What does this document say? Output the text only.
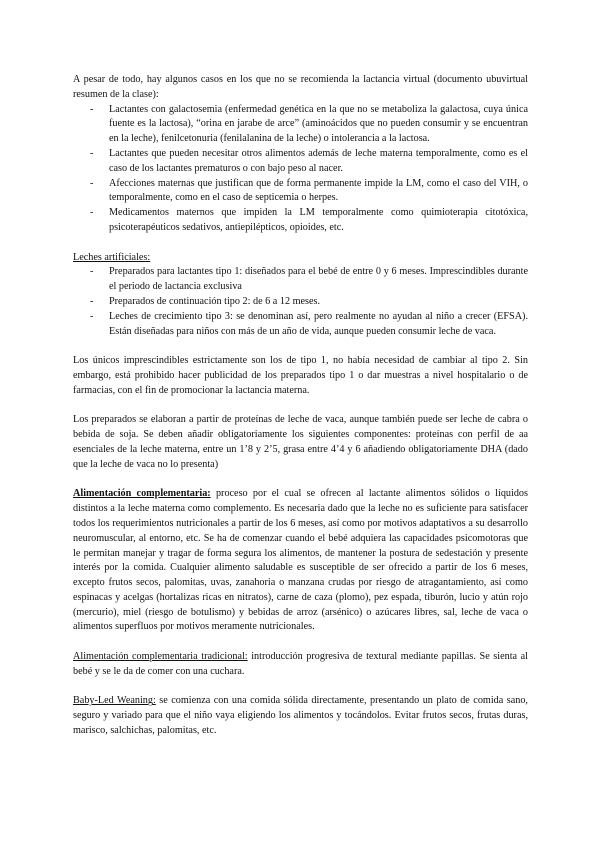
A pesar de todo, hay algunos casos en los que no se recomienda la lactancia virtual (documento ubuvirtual resumen de la clase):

- Lactantes con galactosemia (enfermedad genética en la que no se metaboliza la galactosa, cuya única fuente es la lactosa), “orina en jarabe de arce” (aminoácidos que no pueden consumir y se encuentran en la leche), fenilcetonuria (fenilalanina de la leche) o intolerancia a la lactosa.
- Lactantes que pueden necesitar otros alimentos además de leche materna temporalmente, como es el caso de los lactantes prematuros o con bajo peso al nacer.
- Afecciones maternas que justifican que de forma permanente impide la LM, como el caso del VIH, o temporalmente, como en el caso de septicemia o herpes.
- Medicamentos maternos que impiden la LM temporalmente como quimioterapia citotóxica, psicoterapéuticos sedativos, antiepilépticos, opioides, etc.

Leches artificiales:

- Preparados para lactantes tipo 1: diseñados para el bebé de entre 0 y 6 meses. Imprescindibles durante el periodo de lactancia exclusiva
- Preparados de continuación tipo 2: de 6 a 12 meses.
- Leches de crecimiento tipo 3: se denominan así, pero realmente no ayudan al niño a crecer (EFSA). Están diseñadas para niños con más de un año de vida, aunque pueden consumir leche de vaca.

Los únicos imprescindibles estrictamente son los de tipo 1, no había necesidad de cambiar al tipo 2. Sin embargo, está prohibido hacer publicidad de los preparados tipo 1 o dar muestras a nivel hospitalario o de farmacias, con el fin de promocionar la lactancia materna.

Los preparados se elaboran a partir de proteínas de leche de vaca, aunque también puede ser leche de cabra o bebida de soja. Se deben añadir obligatoriamente los siguientes componentes: proteínas con perfil de aa esenciales de la leche materna, entre un 1’8 y 2’5, grasa entre 4’4 y 6 añadiendo obligatoriamente DHA (dado que la leche de vaca no lo presenta)

Alimentación complementaria: proceso por el cual se ofrecen al lactante alimentos sólidos o líquidos distintos a la leche materna como complemento. Es necesaria dado que la leche no es suficiente para satisfacer todos los requerimientos nutricionales a partir de los 6 meses, así como por motivos adaptativos a su desarrollo neuromuscular, al entorno, etc. Se ha de comenzar cuando el bebé adquiera las capacidades psicomotoras que le permitan manejar y tragar de forma segura los alimentos, de mantener la postura de sedestación y presente interés por la comida. Cualquier alimento saludable es susceptible de ser ofrecido a partir de los 6 meses, excepto frutos secos, palomitas, uvas, zanahoria o manzana crudas por riesgo de atragantamiento, así como espinacas y acelgas (hortalizas ricas en nitratos), carne de caza (plomo), pez espada, tiburón, lucio y atún rojo (mercurio), miel (riesgo de botulismo) y bebidas de arroz (arsénico) o azúcares libres, sal, leche de vaca o alimentos superfluos por motivos meramente nutricionales.

Alimentación complementaria tradicional: introducción progresiva de textural mediante papillas. Se sienta al bebé y se le da de comer con una cuchara.

Baby-Led Weaning: se comienza con una comida sólida directamente, presentando un plato de comida sano, seguro y variado para que el niño vaya eligiendo los alimentos y tocándolos. Evitar frutos secos, frutas duras, marisco, salchichas, palomitas, etc.
